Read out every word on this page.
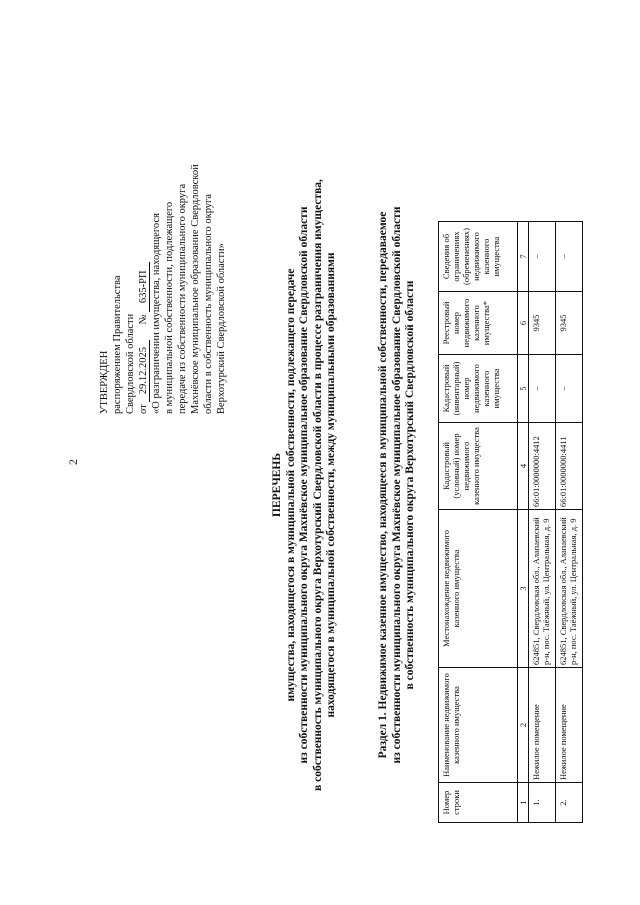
2
УТВЕРЖДЕН распоряжением Правительства Свердловской области от 29.12.2025  № 635-РП «О разграничении имущества, находящегося в муниципальной собственности, подлежащего передаче из собственности муниципального округа Махнёвское муниципальное образование Свердловской области в собственность муниципального округа Верхотурский Свердловской области»
ПЕРЕЧЕНЬ имущества, находящегося в муниципальной собственности, подлежащего передаче из собственности муниципального округа Махнёвское муниципальное образование Свердловской области в собственность муниципального округа Верхотурский Свердловской области в процессе разграничения имущества, находящегося в муниципальной собственности, между муниципальными образованиями	Раздел 1. Недвижимое казенное имущество, находящееся в муниципальной собственности, передаваемое из собственности муниципального округа Махнёвское муниципальное образование Свердловской области в собственность муниципального округа Верхотурский Свердловской области
Номер строки	Наименование недвижимого казенного имущества	Местонахождение недвижимого казенного имущества	Кадастровый (условный) номер недвижимого казенного имущества	Кадастровый (инвентарный) номер недвижимого казенного имущества	Реестровый номер недвижимого казенного имущества*	Сведения об ограничениях (обременениях) недвижимого казенного имущества
1	2	3	4	5	6	7
1.	Нежилое помещение	624851, Свердловская обл., Алапаевский р-н, пос. Таёжный, ул. Центральная, д. 9	66:01:0000000:4412	–	9345	–
2.	Нежилое помещение	624851, Свердловская обл., Алапаевский р-н, пос. Таёжный, ул. Центральная, д. 9	66:01:0000000:4411	–	9345	–
